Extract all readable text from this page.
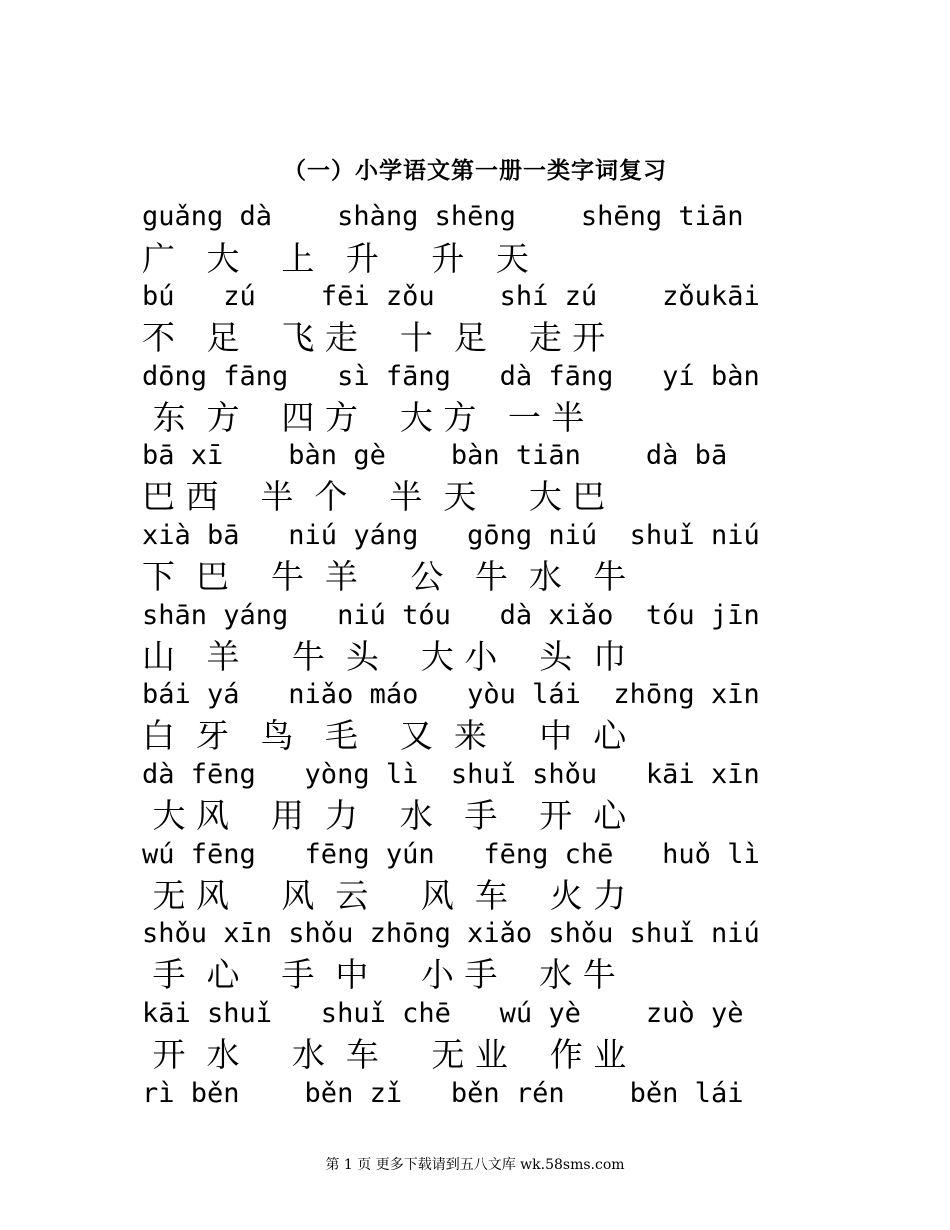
（一）小学语文第一册一类字词复习
guǎng dà    shàng shēng    shēng tiān
广   大    上   升     升   天
bú   zú    fēi zǒu    shí zú    zǒukāi
不   足    飞 走    十  足    走 开
dōng fāng   sì fāng   dà fāng   yí bàn
东  方    四 方    大 方   一 半
bā xī    bàn gè    bàn tiān    dà bā
巴 西    半  个    半  天     大 巴
xià bā   niú yáng   gōng niú  shuǐ niú
下  巴    牛  羊     公   牛  水   牛
shān yáng   niú tóu   dà xiǎo  tóu jīn
山   羊     牛  头    大 小    头  巾
bái yá   niǎo máo   yòu lái  zhōng xīn
白  牙   鸟   毛    又  来     中  心
dà fēng   yòng lì  shuǐ shǒu   kāi xīn
大 风    用  力    水   手    开  心
wú fēng   fēng yún   fēng chē   huǒ lì
无 风     风  云     风  车    火 力
shǒu xīn shǒu zhōng xiǎo shǒu shuǐ niú
手  心    手  中     小 手    水 牛
kāi shuǐ   shuǐ chē   wú yè    zuò yè
开  水     水  车     无 业    作 业
rì běn    běn zǐ   běn rén    běn lái
第 1 页 更多下载请到五八文库 wk.58sms.com
